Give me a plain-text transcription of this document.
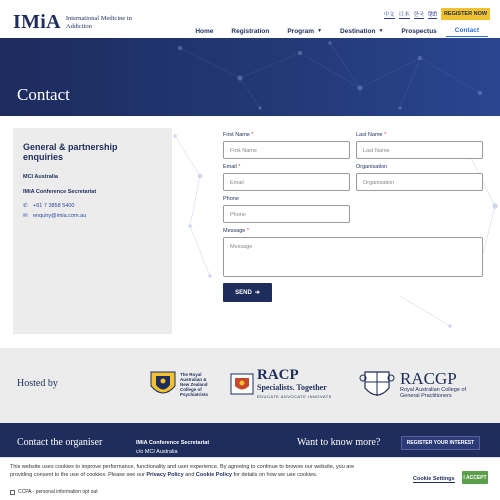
IMiA International Medicine in Addiction
中文 日本 한국 हिंदी	REGISTER NOW
Home	Registration	Program ▼	Destination ▼	Prospectus	Contact
Contact
General & partnership enquiries
MCI Australia
IMiA Conference Secretariat
✆ +61 7 3858 5400
✉ enquiry@imia.com.au
First Name *
First Name
Last Name *
Last Name
Email *
Email
Organisation
Organisation
Phone
Phone
Message *
Message
SEND ➔
Hosted by
The Royal Australian & New Zealand College of Psychiatrists
RACP
Specialists. Together
EDUCATE ADVOCATE INNOVATE
RACGP
Royal Australian College of General Practitioners
Contact the organiser	IMiA Conference Secretariat
c/o MCI Australia
Want to know more?	REGISTER YOUR INTEREST
This website uses cookies to improve performance, functionality and user experience. By agreeing to continue to browse our website, you are providing consent to the use of cookies. Please see our Privacy Policy and Cookie Policy for details on how we use cookies.
CCPA - personal information opt out
Cookie Settings I ACCEPT
